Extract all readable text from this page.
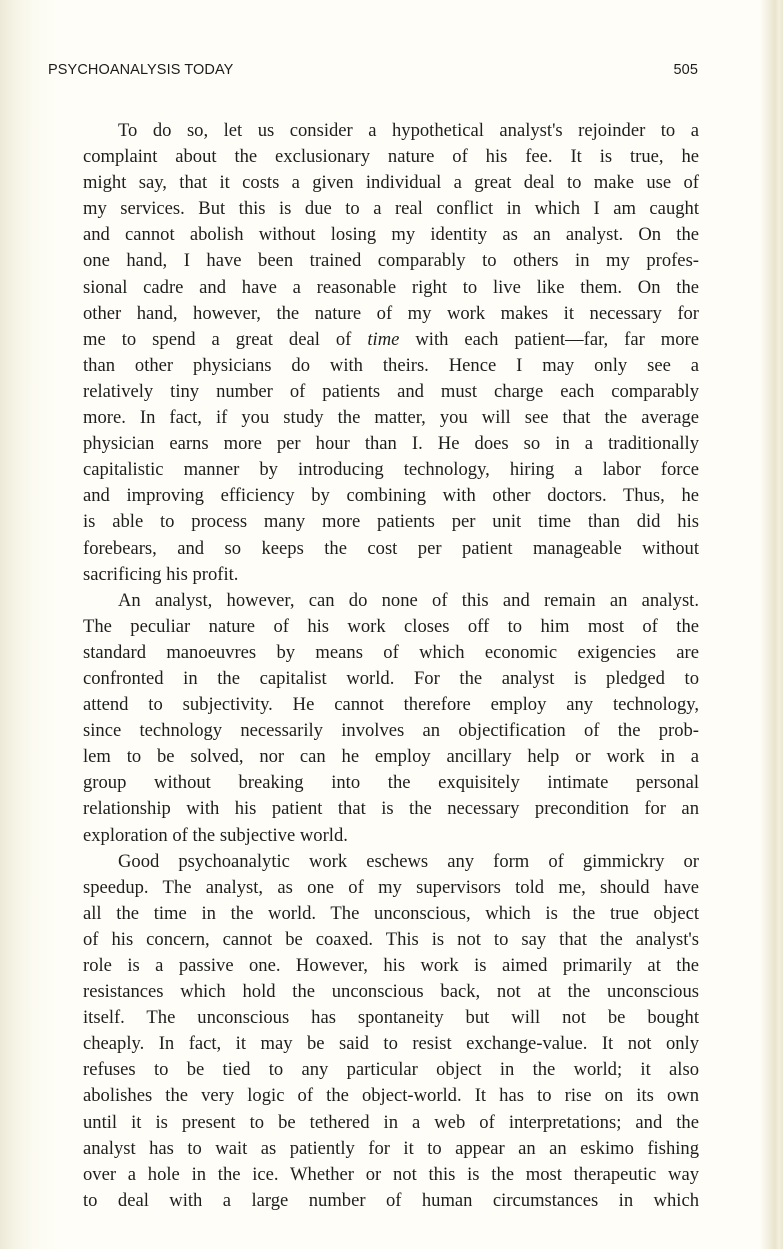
PSYCHOANALYSIS TODAY	505
To do so, let us consider a hypothetical analyst's rejoinder to a
complaint about the exclusionary nature of his fee. It is true, he
might say, that it costs a given individual a great deal to make use of
my services. But this is due to a real conflict in which I am caught
and cannot abolish without losing my identity as an analyst. On the
one hand, I have been trained comparably to others in my profes-
sional cadre and have a reasonable right to live like them. On the
other hand, however, the nature of my work makes it necessary for
me to spend a great deal of time with each patient—far, far more
than other physicians do with theirs. Hence I may only see a
relatively tiny number of patients and must charge each comparably
more. In fact, if you study the matter, you will see that the average
physician earns more per hour than I. He does so in a traditionally
capitalistic manner by introducing technology, hiring a labor force
and improving efficiency by combining with other doctors. Thus, he
is able to process many more patients per unit time than did his
forebears, and so keeps the cost per patient manageable without
sacrificing his profit.
An analyst, however, can do none of this and remain an analyst.
The peculiar nature of his work closes off to him most of the
standard manoeuvres by means of which economic exigencies are
confronted in the capitalist world. For the analyst is pledged to
attend to subjectivity. He cannot therefore employ any technology,
since technology necessarily involves an objectification of the prob-
lem to be solved, nor can he employ ancillary help or work in a
group without breaking into the exquisitely intimate personal
relationship with his patient that is the necessary precondition for an
exploration of the subjective world.
Good psychoanalytic work eschews any form of gimmickry or
speedup. The analyst, as one of my supervisors told me, should have
all the time in the world. The unconscious, which is the true object
of his concern, cannot be coaxed. This is not to say that the analyst's
role is a passive one. However, his work is aimed primarily at the
resistances which hold the unconscious back, not at the unconscious
itself. The unconscious has spontaneity but will not be bought
cheaply. In fact, it may be said to resist exchange-value. It not only
refuses to be tied to any particular object in the world; it also
abolishes the very logic of the object-world. It has to rise on its own
until it is present to be tethered in a web of interpretations; and the
analyst has to wait as patiently for it to appear an an eskimo fishing
over a hole in the ice. Whether or not this is the most therapeutic way
to deal with a large number of human circumstances in which
